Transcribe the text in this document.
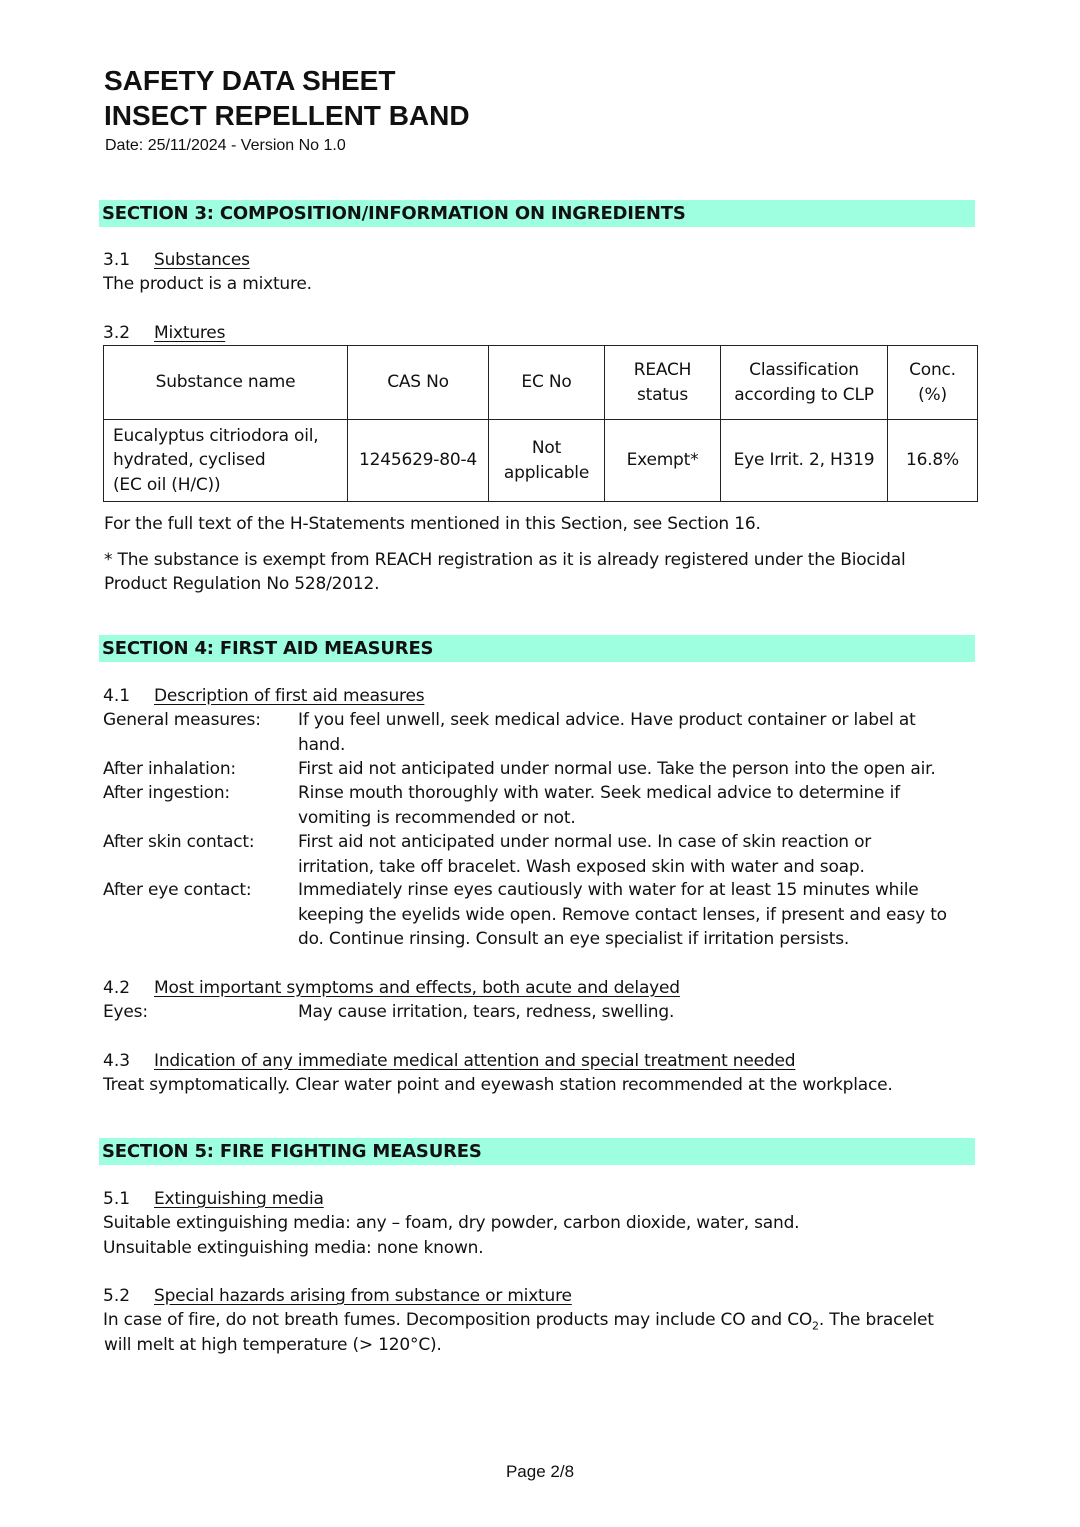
SAFETY DATA SHEET
INSECT REPELLENT BAND
Date: 25/11/2024 - Version No 1.0
SECTION 3: COMPOSITION/INFORMATION ON INGREDIENTS
3.1 Substances
The product is a mixture.
3.2 Mixtures
Substance name	CAS No	EC No	REACH status	Classification according to CLP	Conc. (%)

Eucalyptus citriodora oil,
hydrated, cyclised
(EC oil (H/C))	1245629-80-4	Not applicable	Exempt*	Eye Irrit. 2, H319	16.8%
For the full text of the H-Statements mentioned in this Section, see Section 16.
* The substance is exempt from REACH registration as it is already registered under the Biocidal
Product Regulation No 528/2012.
SECTION 4: FIRST AID MEASURES
4.1 Description of first aid measures
General measures: If you feel unwell, seek medical advice. Have product container or label at hand.
After inhalation:	First aid not anticipated under normal use. Take the person into the open air.
After ingestion:	Rinse mouth thoroughly with water. Seek medical advice to determine if vomiting is recommended or not.
After skin contact:	First aid not anticipated under normal use. In case of skin reaction or irritation, take off bracelet. Wash exposed skin with water and soap.
After eye contact:	Immediately rinse eyes cautiously with water for at least 15 minutes while keeping the eyelids wide open. Remove contact lenses, if present and easy to do. Continue rinsing. Consult an eye specialist if irritation persists.
4.2 Most important symptoms and effects, both acute and delayed
Eyes:	May cause irritation, tears, redness, swelling.
4.3 Indication of any immediate medical attention and special treatment needed
Treat symptomatically. Clear water point and eyewash station recommended at the workplace.
SECTION 5: FIRE FIGHTING MEASURES
5.1 Extinguishing media
Suitable extinguishing media: any – foam, dry powder, carbon dioxide, water, sand.
Unsuitable extinguishing media: none known.
5.2 Special hazards arising from substance or mixture
In case of fire, do not breath fumes. Decomposition products may include CO and $CO_2$. The bracelet
will melt at high temperature (> 120°C).
Page 2/8
